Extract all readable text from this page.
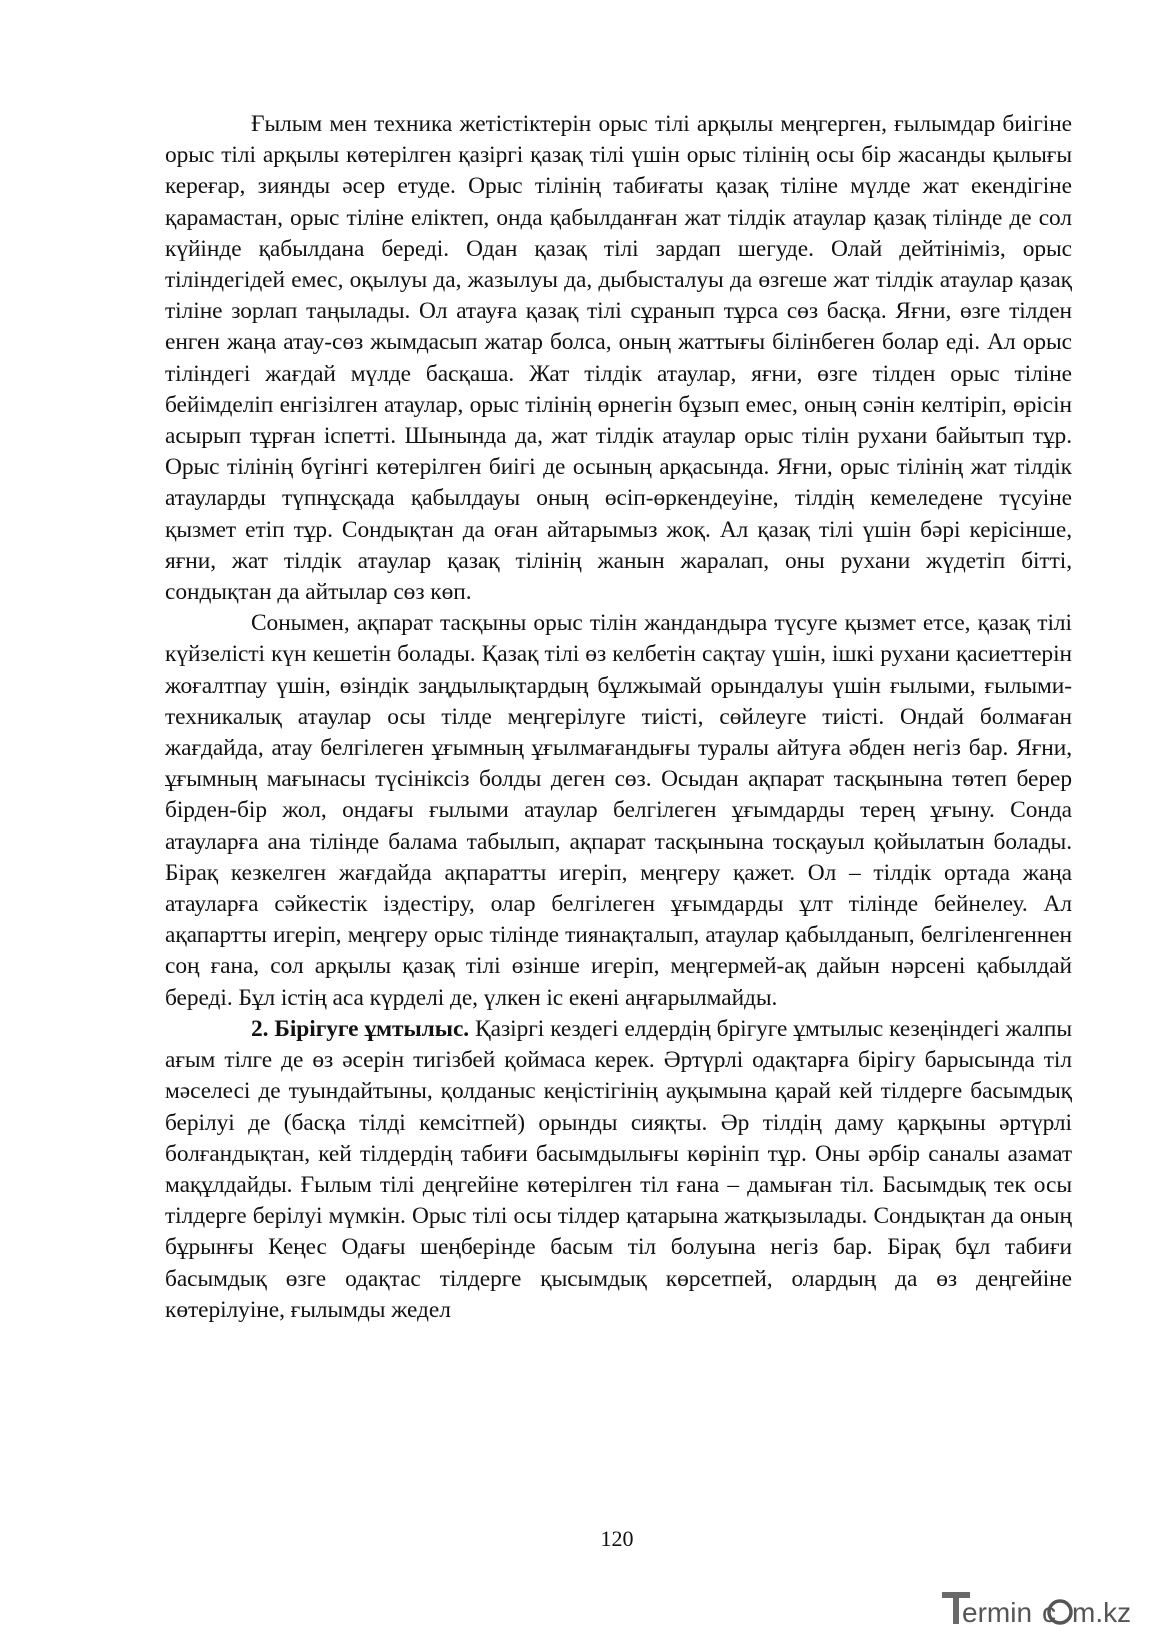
Ғылым мен техника жетістіктерін орыс тілі арқылы меңгерген, ғылымдар биігіне орыс тілі арқылы көтерілген қазіргі қазақ тілі үшін орыс тілінің осы бір жасанды қылығы кереғар, зиянды әсер етуде. Орыс тілінің табиғаты қазақ тіліне мүлде жат екендігіне қарамастан, орыс тіліне еліктеп, онда қабылданған жат тілдік атаулар қазақ тілінде де сол күйінде қабылдана береді. Одан қазақ тілі зардап шегуде. Олай дейтініміз, орыс тіліндегідей емес, оқылуы да, жазылуы да, дыбысталуы да өзгеше жат тілдік атаулар қазақ тіліне зорлап таңылады. Ол атауға қазақ тілі сұранып тұрса сөз басқа. Яғни, өзге тілден енген жаңа атау-сөз жымдасып жатар болса, оның жаттығы білінбеген болар еді. Ал орыс тіліндегі жағдай мүлде басқаша. Жат тілдік атаулар, яғни, өзге тілден орыс тіліне бейімделіп енгізілген атаулар, орыс тілінің өрнегін бұзып емес, оның сәнін келтіріп, өрісін асырып тұрған іспетті. Шынында да, жат тілдік атаулар орыс тілін рухани байытып тұр. Орыс тілінің бүгінгі көтерілген биігі де осының арқасында. Яғни, орыс тілінің жат тілдік атауларды түпнұсқада қабылдауы оның өсіп-өркендеуіне, тілдің кемеледене түсуіне қызмет етіп тұр. Сондықтан да оған айтарымыз жоқ. Ал қазақ тілі үшін бәрі керісінше, яғни, жат тілдік атаулар қазақ тілінің жанын жаралап, оны рухани жүдетіп бітті, сондықтан да айтылар сөз көп.

Сонымен, ақпарат тасқыны орыс тілін жандандыра түсуге қызмет етсе, қазақ тілі күйзелісті күн кешетін болады. Қазақ тілі өз келбетін сақтау үшін, ішкі рухани қасиеттерін жоғалтпау үшін, өзіндік заңдылықтардың бұлжымай орындалуы үшін ғылыми, ғылыми-техникалық атаулар осы тілде меңгерілуге тиісті, сөйлеуге тиісті. Ондай болмаған жағдайда, атау белгілеген ұғымның ұғылмағандығы туралы айтуға әбден негіз бар. Яғни, ұғымның мағынасы түсініксіз болды деген сөз. Осыдан ақпарат тасқынына төтеп берер бірден-бір жол, ондағы ғылыми атаулар белгілеген ұғымдарды терең ұғыну. Сонда атауларға ана тілінде балама табылып, ақпарат тасқынына тосқауыл қойылатын болады. Бірақ кезкелген жағдайда ақпаратты игеріп, меңгеру қажет. Ол – тілдік ортада жаңа атауларға сәйкестік іздестіру, олар белгілеген ұғымдарды ұлт тілінде бейнелеу. Ал ақапартты игеріп, меңгеру орыс тілінде тиянақталып, атаулар қабылданып, белгіленгеннен соң ғана, сол арқылы қазақ тілі өзінше игеріп, меңгермей-ақ дайын нәрсені қабылдай береді. Бұл істің аса күрделі де, үлкен іс екені аңғарылмайды.

2. Бірігуге ұмтылыс. Қазіргі кездегі елдердің брігуге ұмтылыс кезеңіндегі жалпы ағым тілге де өз әсерін тигізбей қоймаса керек. Әртүрлі одақтарға бірігу барысында тіл мәселесі де туындайтыны, қолданыс кеңістігінің ауқымына қарай кей тілдерге басымдық берілуі де (басқа тілді кемсітпей) орынды сияқты. Әр тілдің даму қарқыны әртүрлі болғандықтан, кей тілдердің табиғи басымдылығы көрініп тұр. Оны әрбір саналы азамат мақұлдайды. Ғылым тілі деңгейіне көтерілген тіл ғана – дамыған тіл. Басымдық тек осы тілдерге берілуі мүмкін. Орыс тілі осы тілдер қатарына жатқызылады. Сондықтан да оның бұрынғы Кеңес Одағы шеңберінде басым тіл болуына негіз бар. Бірақ бұл табиғи басымдық өзге одақтас тілдерге қысымдық көрсетпей, олардың да өз деңгейіне көтерілуіне, ғылымды жедел

120
ermin c m.kz
